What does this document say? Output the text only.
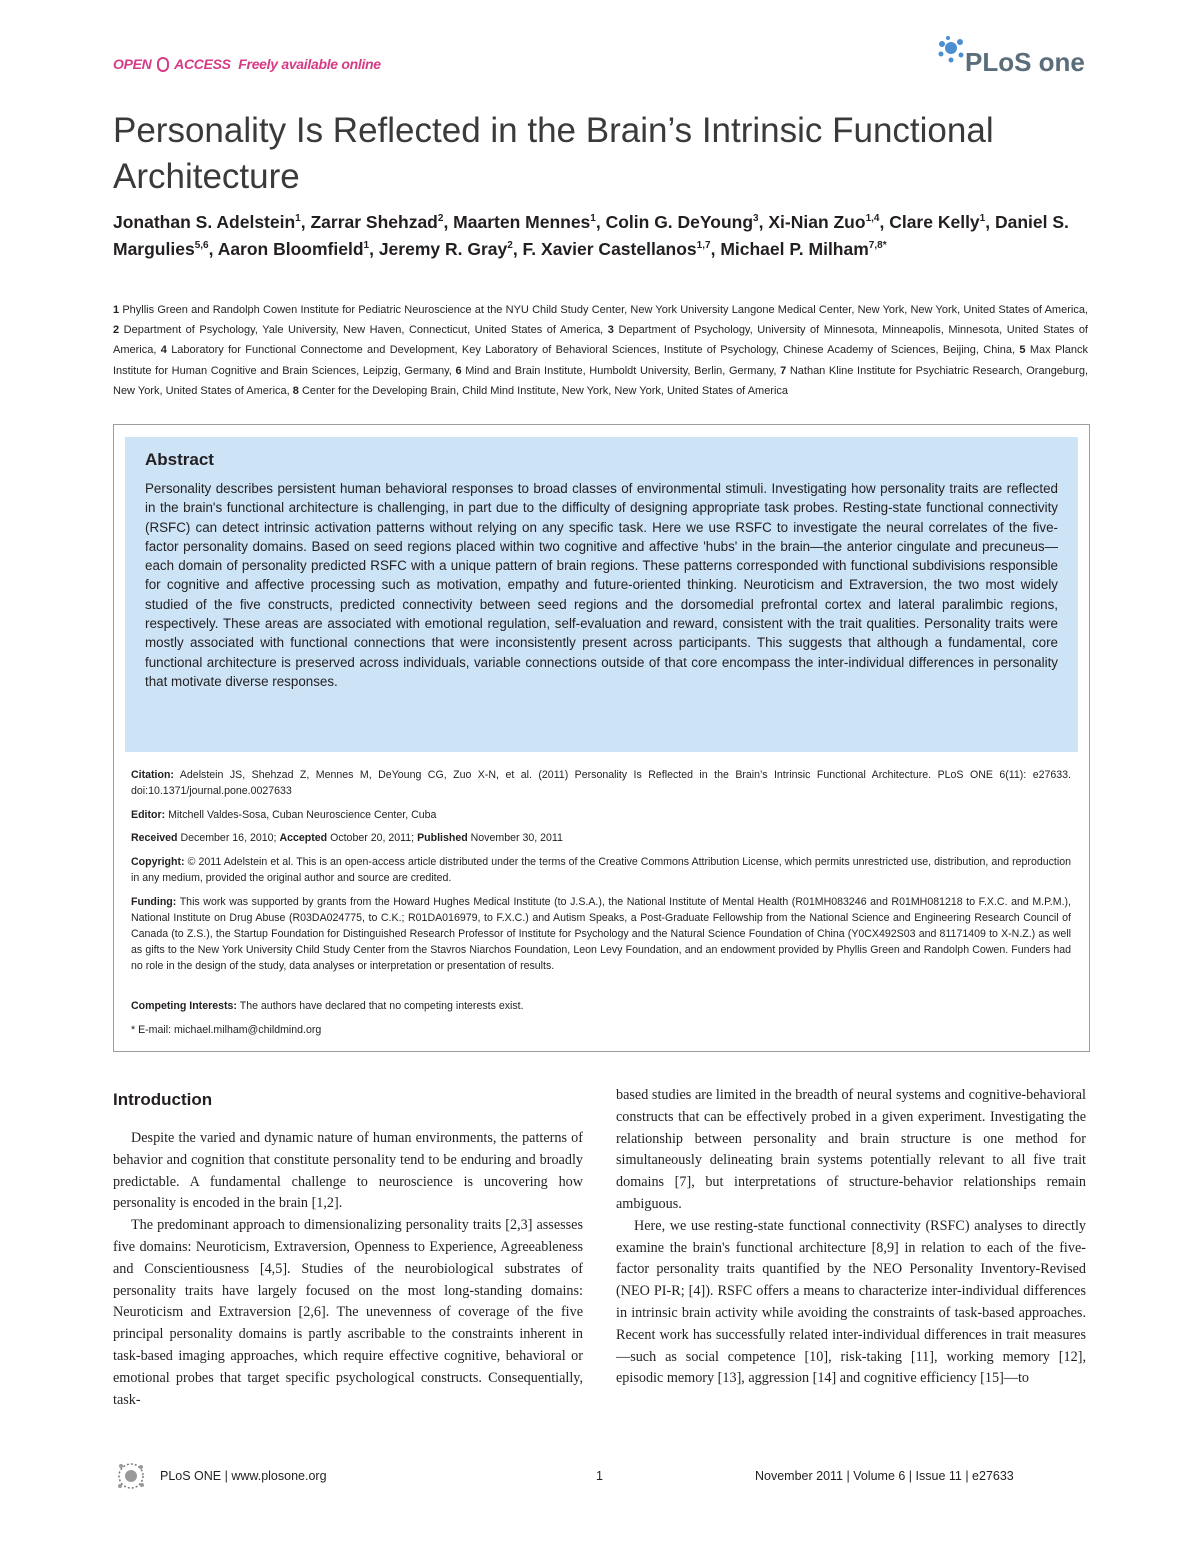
OPEN ACCESS Freely available online	PLoS one
Personality Is Reflected in the Brain’s Intrinsic Functional Architecture
Jonathan S. Adelstein$^1$, Zarrar Shehzad$^2$, Maarten Mennes$^1$, Colin G. DeYoung$^3$, Xi-Nian Zuo$^{1,4}$, Clare Kelly$^1$, Daniel S. Margulies$^{5,6}$, Aaron Bloomfield$^1$, Jeremy R. Gray$^2$, F. Xavier Castellanos$^{1,7}$, Michael P. Milham$^{7,8*}$
1 Phyllis Green and Randolph Cowen Institute for Pediatric Neuroscience at the NYU Child Study Center, New York University Langone Medical Center, New York, New York, United States of America, 2 Department of Psychology, Yale University, New Haven, Connecticut, United States of America, 3 Department of Psychology, University of Minnesota, Minneapolis, Minnesota, United States of America, 4 Laboratory for Functional Connectome and Development, Key Laboratory of Behavioral Sciences, Institute of Psychology, Chinese Academy of Sciences, Beijing, China, 5 Max Planck Institute for Human Cognitive and Brain Sciences, Leipzig, Germany, 6 Mind and Brain Institute, Humboldt University, Berlin, Germany, 7 Nathan Kline Institute for Psychiatric Research, Orangeburg, New York, United States of America, 8 Center for the Developing Brain, Child Mind Institute, New York, New York, United States of America
Abstract
Personality describes persistent human behavioral responses to broad classes of environmental stimuli. Investigating how personality traits are reflected in the brain's functional architecture is challenging, in part due to the difficulty of designing appropriate task probes. Resting-state functional connectivity (RSFC) can detect intrinsic activation patterns without relying on any specific task. Here we use RSFC to investigate the neural correlates of the five-factor personality domains. Based on seed regions placed within two cognitive and affective 'hubs' in the brain—the anterior cingulate and precuneus—each domain of personality predicted RSFC with a unique pattern of brain regions. These patterns corresponded with functional subdivisions responsible for cognitive and affective processing such as motivation, empathy and future-oriented thinking. Neuroticism and Extraversion, the two most widely studied of the five constructs, predicted connectivity between seed regions and the dorsomedial prefrontal cortex and lateral paralimbic regions, respectively. These areas are associated with emotional regulation, self-evaluation and reward, consistent with the trait qualities. Personality traits were mostly associated with functional connections that were inconsistently present across participants. This suggests that although a fundamental, core functional architecture is preserved across individuals, variable connections outside of that core encompass the inter-individual differences in personality that motivate diverse responses.
Citation: Adelstein JS, Shehzad Z, Mennes M, DeYoung CG, Zuo X-N, et al. (2011) Personality Is Reflected in the Brain’s Intrinsic Functional Architecture. PLoS ONE 6(11): e27633. doi:10.1371/journal.pone.0027633
Editor: Mitchell Valdes-Sosa, Cuban Neuroscience Center, Cuba
Received December 16, 2010; Accepted October 20, 2011; Published November 30, 2011
Copyright: © 2011 Adelstein et al. This is an open-access article distributed under the terms of the Creative Commons Attribution License, which permits unrestricted use, distribution, and reproduction in any medium, provided the original author and source are credited.
Funding: This work was supported by grants from the Howard Hughes Medical Institute (to J.S.A.), the National Institute of Mental Health (R01MH083246 and R01MH081218 to F.X.C. and M.P.M.), National Institute on Drug Abuse (R03DA024775, to C.K.; R01DA016979, to F.X.C.) and Autism Speaks, a Post-Graduate Fellowship from the National Science and Engineering Research Council of Canada (to Z.S.), the Startup Foundation for Distinguished Research Professor of Institute for Psychology and the Natural Science Foundation of China (Y0CX492S03 and 81171409 to X-N.Z.) as well as gifts to the New York University Child Study Center from the Stavros Niarchos Foundation, Leon Levy Foundation, and an endowment provided by Phyllis Green and Randolph Cowen. Funders had no role in the design of the study, data analyses or interpretation or presentation of results.
Competing Interests: The authors have declared that no competing interests exist.
* E-mail: michael.milham@childmind.org
Introduction

Despite the varied and dynamic nature of human environments, the patterns of behavior and cognition that constitute personality tend to be enduring and broadly predictable. A fundamental challenge to neuroscience is uncovering how personality is encoded in the brain [1,2].

The predominant approach to dimensionalizing personality traits [2,3] assesses five domains: Neuroticism, Extraversion, Openness to Experience, Agreeableness and Conscientiousness [4,5]. Studies of the neurobiological substrates of personality traits have largely focused on the most long-standing domains: Neuroticism and Extraversion [2,6]. The unevenness of coverage of the five principal personality domains is partly ascribable to the constraints inherent in task-based imaging approaches, which require effective cognitive, behavioral or emotional probes that target specific psychological constructs. Consequentially, task-

based studies are limited in the breadth of neural systems and cognitive-behavioral constructs that can be effectively probed in a given experiment. Investigating the relationship between personality and brain structure is one method for simultaneously delineating brain systems potentially relevant to all five trait domains [7], but interpretations of structure-behavior relationships remain ambiguous.

Here, we use resting-state functional connectivity (RSFC) analyses to directly examine the brain's functional architecture [8,9] in relation to each of the five-factor personality traits quantified by the NEO Personality Inventory-Revised (NEO PI-R; [4]). RSFC offers a means to characterize inter-individual differences in intrinsic brain activity while avoiding the constraints of task-based approaches. Recent work has successfully related inter-individual differences in trait measures—such as social competence [10], risk-taking [11], working memory [12], episodic memory [13], aggression [14] and cognitive efficiency [15]—to

PLoS ONE | www.plosone.org	1	November 2011 | Volume 6 | Issue 11 | e27633
